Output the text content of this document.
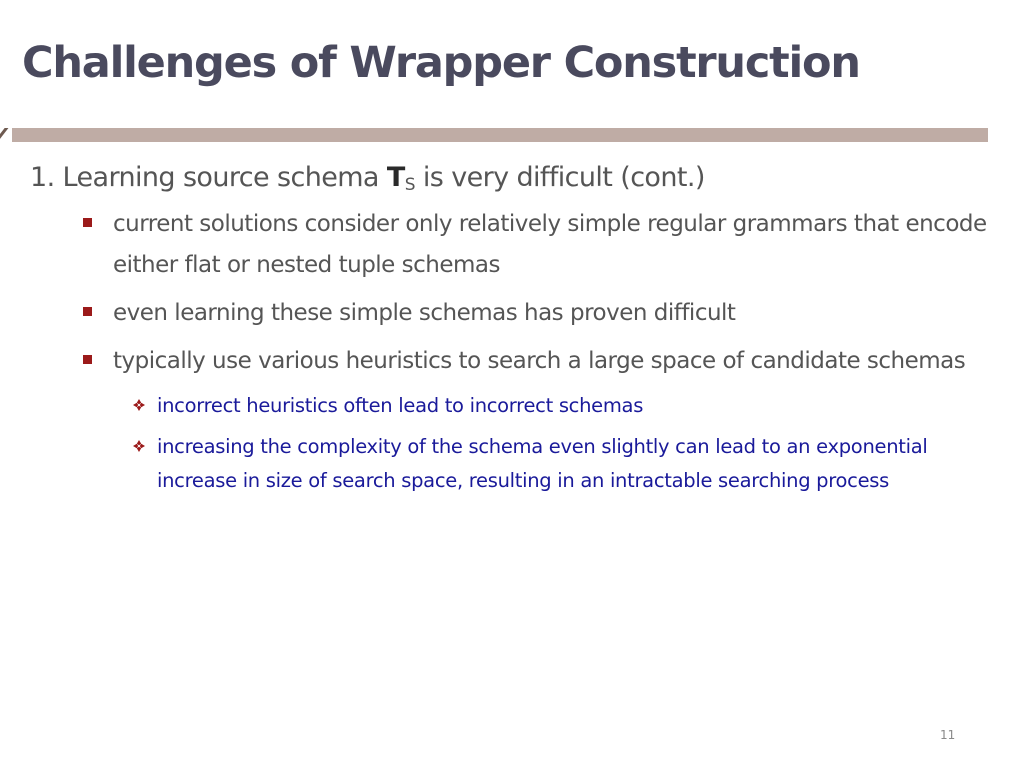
Challenges of Wrapper Construction
1. Learning source schema $T_S$ is very difficult (cont.)
current solutions consider only relatively simple regular grammars that encode either flat or nested tuple schemas
even learning these simple schemas has proven difficult
typically use various heuristics to search a large space of candidate schemas
incorrect heuristics often lead to incorrect schemas
increasing the complexity of the schema even slightly can lead to an exponential increase in size of search space, resulting in an intractable searching process
11
